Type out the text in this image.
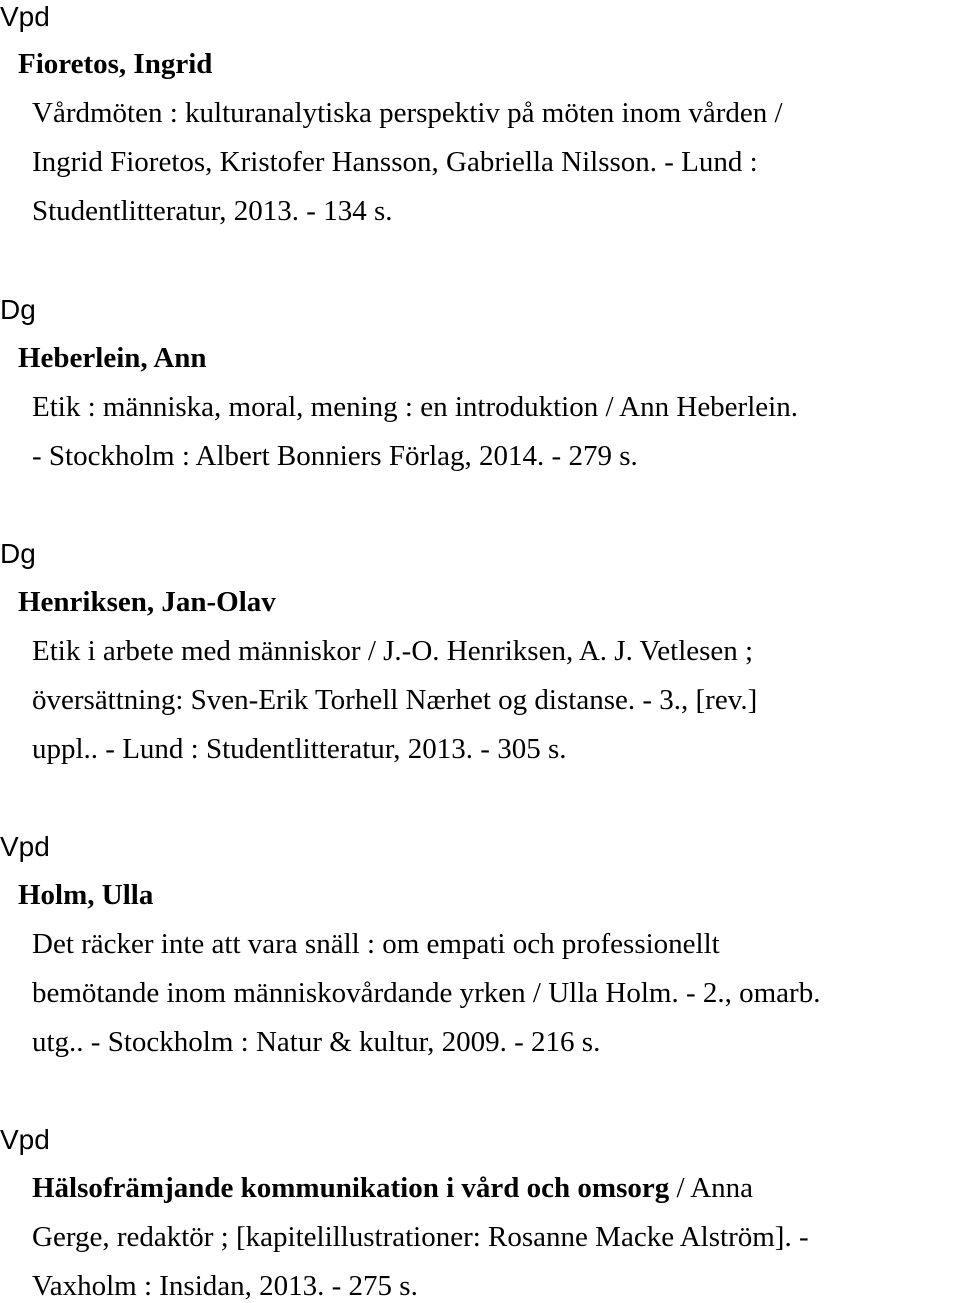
Vpd
Fioretos, Ingrid
Vårdmöten : kulturanalytiska perspektiv på möten inom vården /
Ingrid Fioretos, Kristofer Hansson, Gabriella Nilsson. - Lund :
Studentlitteratur, 2013. - 134 s.
Dg
Heberlein, Ann
Etik : människa, moral, mening : en introduktion / Ann Heberlein.
- Stockholm : Albert Bonniers Förlag, 2014. - 279 s.
Dg
Henriksen, Jan-Olav
Etik i arbete med människor / J.-O. Henriksen, A. J. Vetlesen ;
översättning: Sven-Erik Torhell Nærhet og distanse. - 3., [rev.]
uppl.. - Lund : Studentlitteratur, 2013. - 305 s.
Vpd
Holm, Ulla
Det räcker inte att vara snäll : om empati och professionellt
bemötande inom människovårdande yrken / Ulla Holm. - 2., omarb.
utg.. - Stockholm : Natur & kultur, 2009. - 216 s.
Vpd
Hälsofrämjande kommunikation i vård och omsorg / Anna
Gerge, redaktör ; [kapitelillustrationer: Rosanne Macke Alström]. -
Vaxholm : Insidan, 2013. - 275 s.
